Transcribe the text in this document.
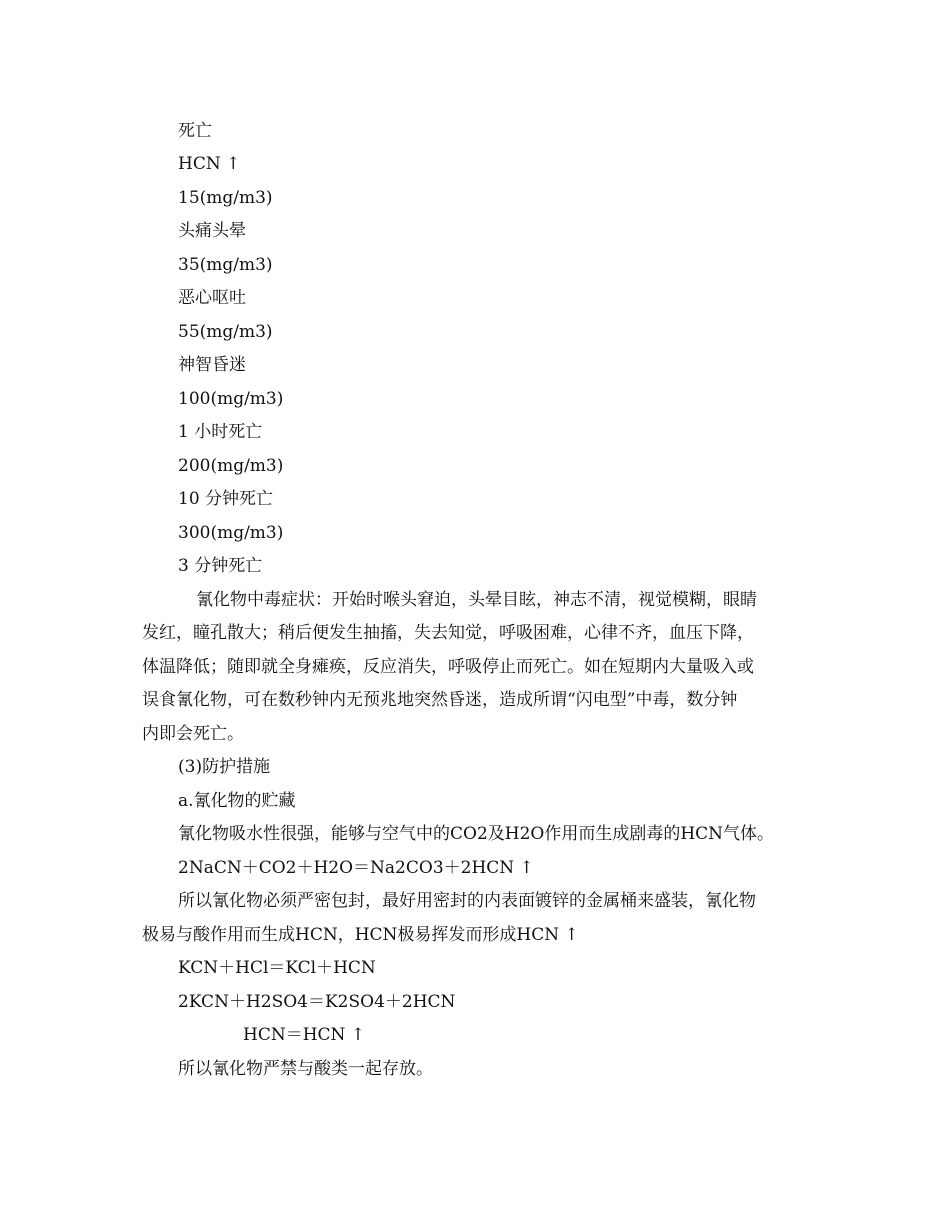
死亡
HCN ↑
15(mg/m3)
头痛头晕
35(mg/m3)
恶心呕吐
55(mg/m3)
神智昏迷
100(mg/m3)
1 小时死亡
200(mg/m3)
10 分钟死亡
300(mg/m3)
3 分钟死亡
氰化物中毒症状：开始时喉头窘迫，头晕目眩，神志不清，视觉模糊，眼睛
发红，瞳孔散大；稍后便发生抽搐，失去知觉，呼吸困难，心律不齐，血压下降，
体温降低；随即就全身瘫痪，反应消失，呼吸停止而死亡。如在短期内大量吸入或
误食氰化物，可在数秒钟内无预兆地突然昏迷，造成所谓“闪电型”中毒，数分钟
内即会死亡。
(3)防护措施
a.氰化物的贮藏
氰化物吸水性很强，能够与空气中的CO2及H2O作用而生成剧毒的HCN气体。
2NaCN＋CO2＋H2O＝Na2CO3＋2HCN ↑
所以氰化物必须严密包封，最好用密封的内表面镀锌的金属桶来盛装，氰化物
极易与酸作用而生成HCN，HCN极易挥发而形成HCN ↑
KCN＋HCl＝KCl＋HCN
2KCN＋H2SO4＝K2SO4＋2HCN
HCN＝HCN ↑
所以氰化物严禁与酸类一起存放。
